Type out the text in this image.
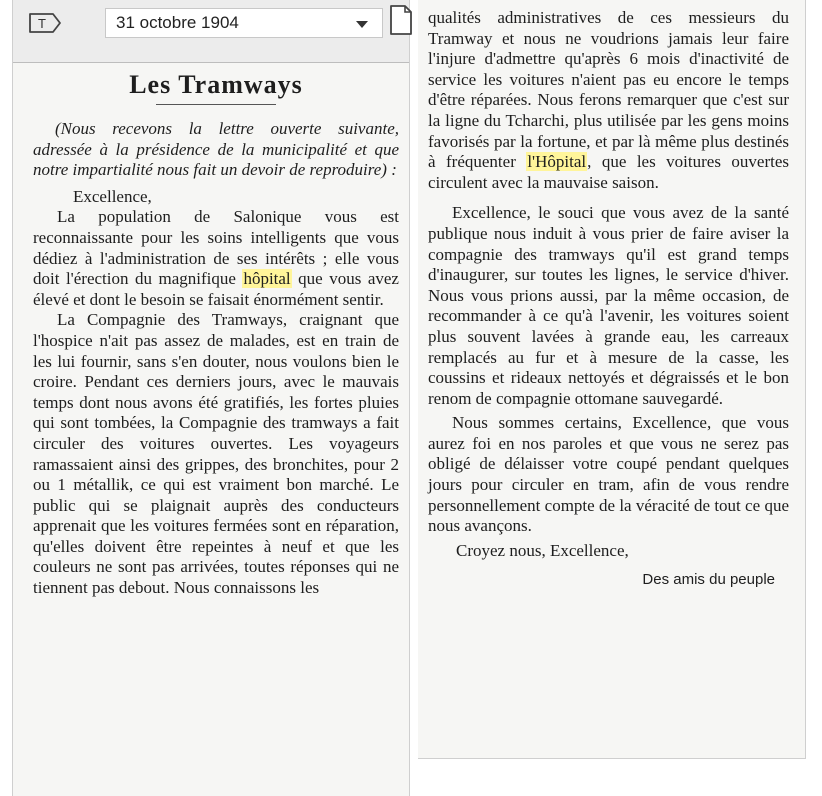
T	31 octobre 1904
Les Tramways

(Nous recevons la lettre ouverte suivante, adressée à la présidence de la municipalité et que notre impartialité nous fait un devoir de reproduire) :

Excellence,

La population de Salonique vous est reconnaissante pour les soins intelligents que vous dédiez à l'administration de ses intérêts ; elle vous doit l'érection du magnifique hôpital que vous avez élevé et dont le besoin se faisait énormément sentir.

La Compagnie des Tramways, craignant que l'hospice n'ait pas assez de malades, est en train de les lui fournir, sans s'en douter, nous voulons bien le croire. Pendant ces derniers jours, avec le mauvais temps dont nous avons été gratifiés, les fortes pluies qui sont tombées, la Compagnie des tramways a fait circuler des voitures ouvertes. Les voyageurs ramassaient ainsi des grippes, des bronchites, pour 2 ou 1 métallik, ce qui est vraiment bon marché. Le public qui se plaignait auprès des conducteurs apprenait que les voitures fermées sont en réparation, qu'elles doivent être repeintes à neuf et que les couleurs ne sont pas arrivées, toutes réponses qui ne tiennent pas debout. Nous connaissons les

qualités administratives de ces messieurs du Tramway et nous ne voudrions jamais leur faire l'injure d'admettre qu'après 6 mois d'inactivité de service les voitures n'aient pas eu encore le temps d'être réparées. Nous ferons remarquer que c'est sur la ligne du Tcharchi, plus utilisée par les gens moins favorisés par la fortune, et par là même plus destinés à fréquenter l'Hôpital, que les voitures ouvertes circulent avec la mauvaise saison.

Excellence, le souci que vous avez de la santé publique nous induit à vous prier de faire aviser la compagnie des tramways qu'il est grand temps d'inaugurer, sur toutes les lignes, le service d'hiver. Nous vous prions aussi, par la même occasion, de recommander à ce qu'à l'avenir, les voitures soient plus souvent lavées à grande eau, les carreaux remplacés au fur et à mesure de la casse, les coussins et rideaux nettoyés et dégraissés et le bon renom de compagnie ottomane sauvegardé.

Nous sommes certains, Excellence, que vous aurez foi en nos paroles et que vous ne serez pas obligé de délaisser votre coupé pendant quelques jours pour circuler en tram, afin de vous rendre personnellement compte de la véracité de tout ce que nous avançons.

Croyez nous, Excellence,

Des amis du peuple
